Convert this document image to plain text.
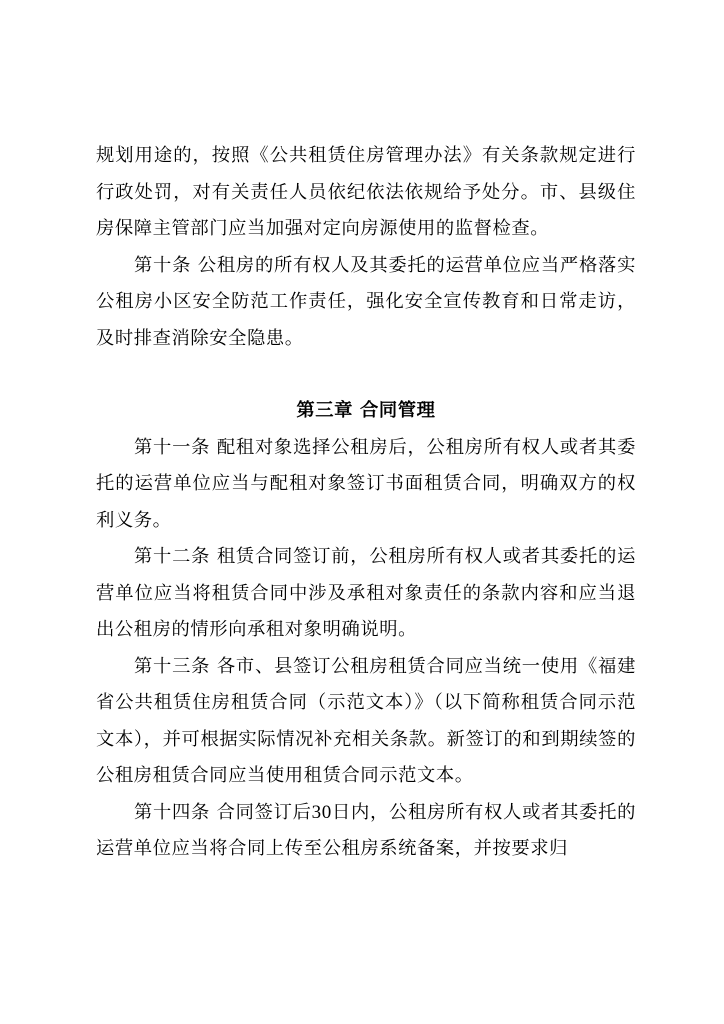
规划用途的，按照《公共租赁住房管理办法》有关条款规定进行行政处罚，对有关责任人员依纪依法依规给予处分。市、县级住房保障主管部门应当加强对定向房源使用的监督检查。

第十条 公租房的所有权人及其委托的运营单位应当严格落实公租房小区安全防范工作责任，强化安全宣传教育和日常走访，及时排查消除安全隐患。

第三章 合同管理

第十一条 配租对象选择公租房后，公租房所有权人或者其委托的运营单位应当与配租对象签订书面租赁合同，明确双方的权利义务。

第十二条 租赁合同签订前，公租房所有权人或者其委托的运营单位应当将租赁合同中涉及承租对象责任的条款内容和应当退出公租房的情形向承租对象明确说明。

第十三条 各市、县签订公租房租赁合同应当统一使用《福建省公共租赁住房租赁合同（示范文本）》（以下简称租赁合同示范文本），并可根据实际情况补充相关条款。新签订的和到期续签的公租房租赁合同应当使用租赁合同示范文本。

第十四条 合同签订后30日内，公租房所有权人或者其委托的运营单位应当将合同上传至公租房系统备案，并按要求归
